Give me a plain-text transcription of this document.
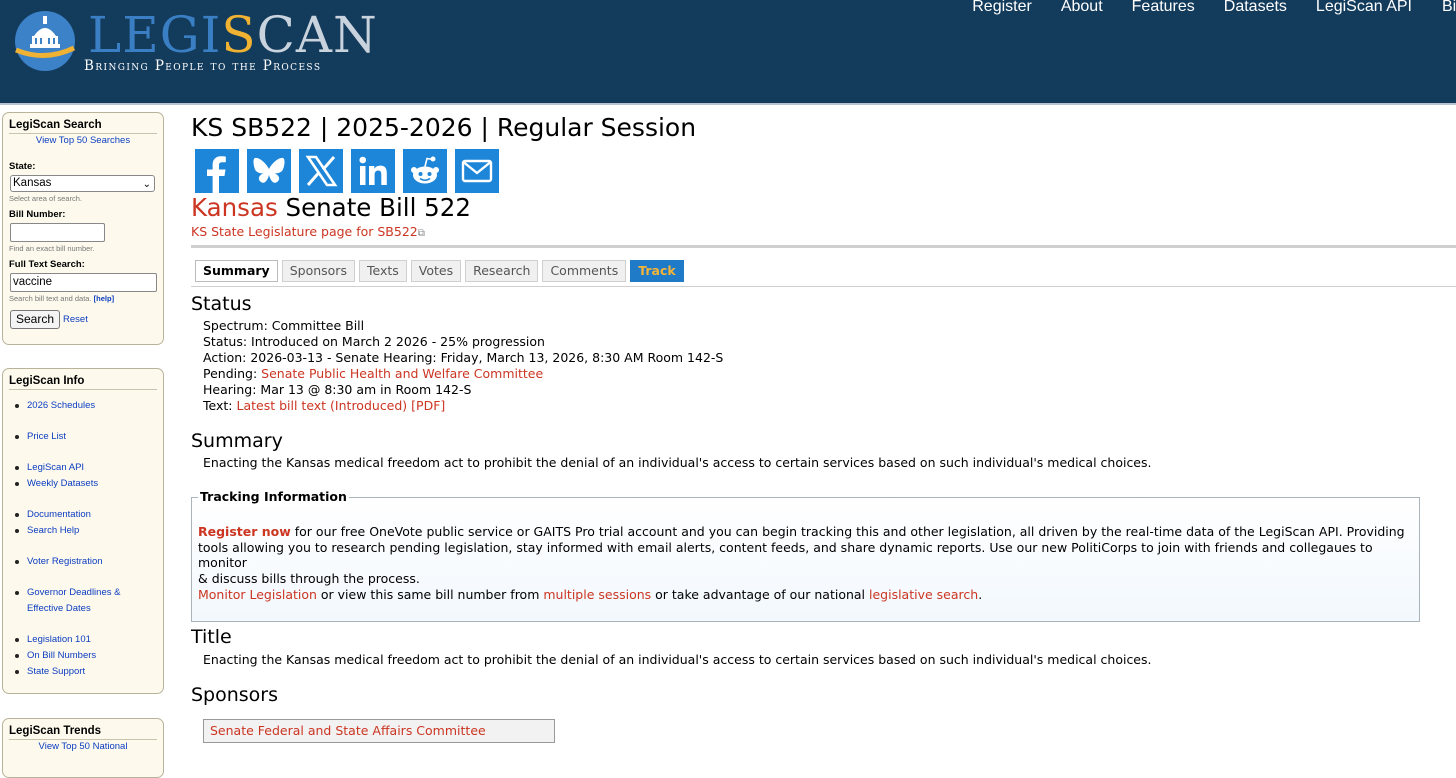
LEGISCAN
Bringing People to the Process
Register About Features Datasets LegiScan API Bi
LegiScan Search
View Top 50 Searches
State:
Kansas	⌄
Select area of search.
Bill Number:
Find an exact bill number.
Full Text Search:
vaccine
Search bill text and data. [help]
Search Reset
LegiScan Info
2026 Schedules
Price List
LegiScan API
Weekly Datasets
Documentation
Search Help
Voter Registration
Governor Deadlines &
Effective Dates
Legislation 101
On Bill Numbers
State Support
LegiScan Trends
View Top 50 National
KS SB522 | 2025-2026 | Regular Session
Kansas Senate Bill 522
KS State Legislature page for SB522⧉
Summary	Sponsors	Texts	Votes	Research	Comments	Track
Status
Spectrum: Committee Bill
Status: Introduced on March 2 2026 - 25% progression
Action: 2026-03-13 - Senate Hearing: Friday, March 13, 2026, 8:30 AM Room 142-S
Pending: Senate Public Health and Welfare Committee
Hearing: Mar 13 @ 8:30 am in Room 142-S
Text: Latest bill text (Introduced) [PDF]
Summary
Enacting the Kansas medical freedom act to prohibit the denial of an individual's access to certain services based on such individual's medical choices.
Tracking Information

Register now for our free OneVote public service or GAITS Pro trial account and you can begin tracking this and other legislation, all driven by the real-time data of the LegiScan API. Providing
tools allowing you to research pending legislation, stay informed with email alerts, content feeds, and share dynamic reports. Use our new PolitiCorps to join with friends and collegaues to monitor
& discuss bills through the process.

Monitor Legislation or view this same bill number from multiple sessions or take advantage of our national legislative search.

Title
Enacting the Kansas medical freedom act to prohibit the denial of an individual's access to certain services based on such individual's medical choices.
Sponsors
Senate Federal and State Affairs Committee
